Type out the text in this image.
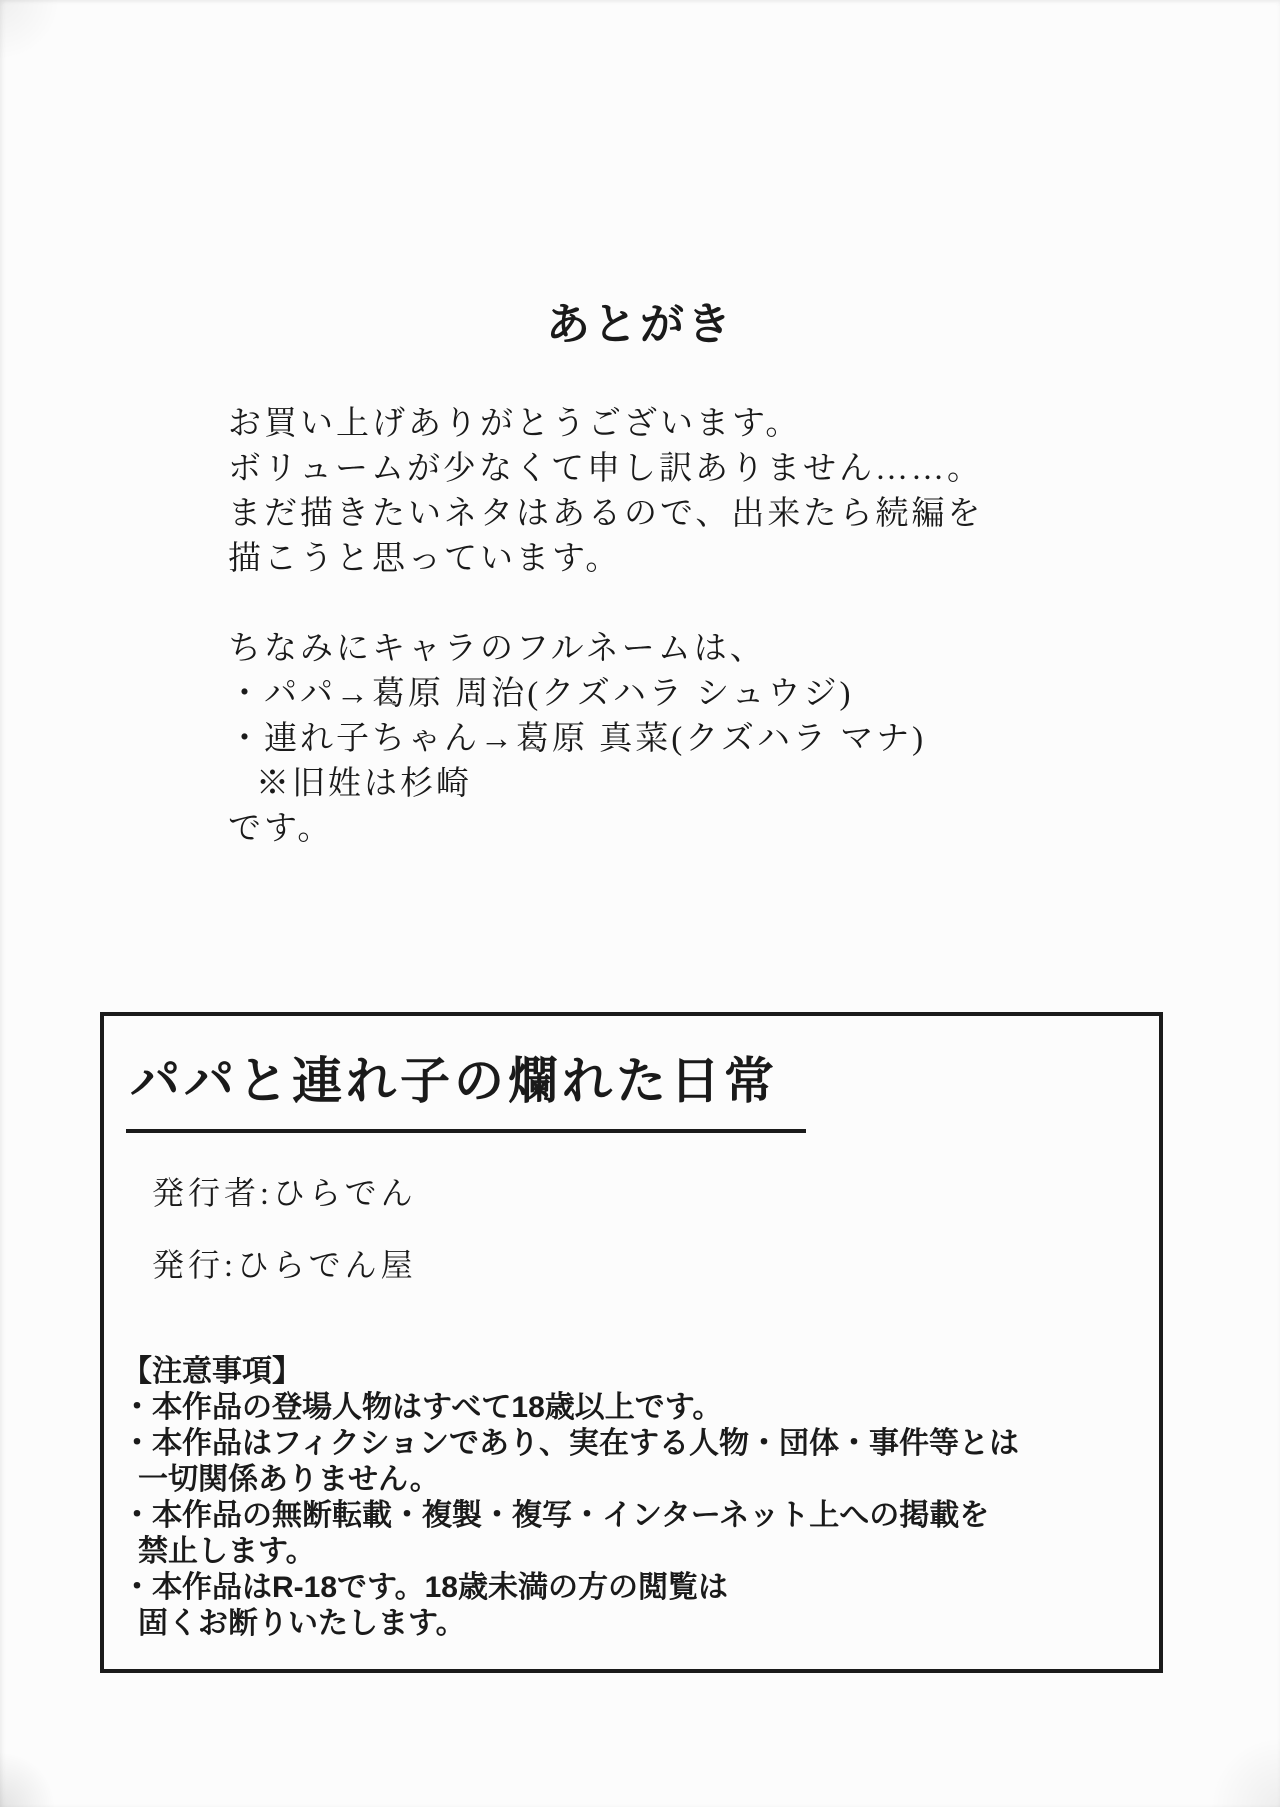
あとがき

お買い上げありがとうございます。

ボリュームが少なくて申し訳ありません……。

まだ描きたいネタはあるので、出来たら続編を

描こうと思っています。

ちなみにキャラのフルネームは、

・パパ→葛原 周治(クズハラ シュウジ)

・連れ子ちゃん→葛原 真菜(クズハラ マナ)

※旧姓は杉崎

です。

パパと連れ子の爛れた日常

発行者:ひらでん

発行:ひらでん屋

【注意事項】

・本作品の登場人物はすべて18歳以上です。

・本作品はフィクションであり、実在する人物・団体・事件等とは

一切関係ありません。

・本作品の無断転載・複製・複写・インターネット上への掲載を

禁止します。

・本作品はR-18です。18歳未満の方の閲覧は

固くお断りいたします。
